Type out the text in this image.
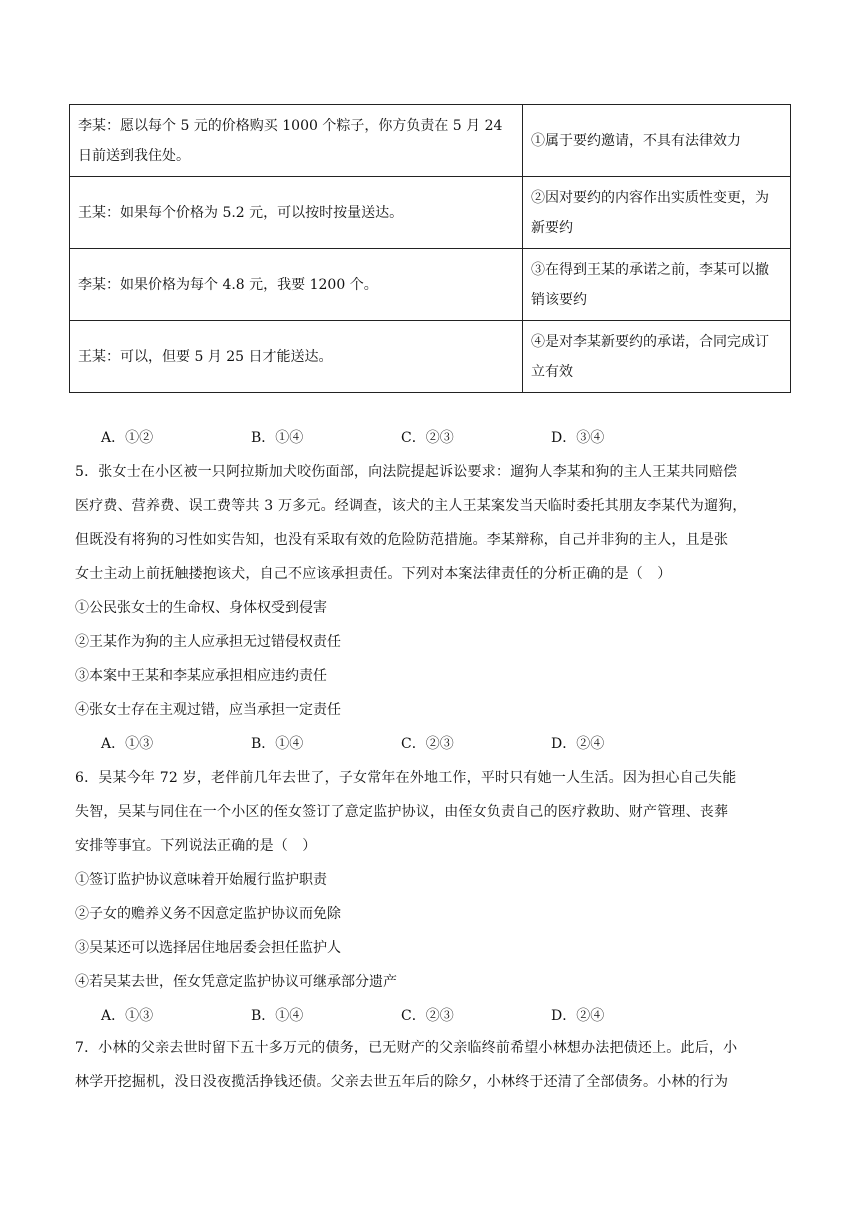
李某：愿以每个 5 元的价格购买 1000 个粽子，你方负责在 5 月 24 日前送到我住处。	①属于要约邀请，不具有法律效力
王某：如果每个价格为 5.2 元，可以按时按量送达。	②因对要约的内容作出实质性变更，为新要约
李某：如果价格为每个 4.8 元，我要 1200 个。	③在得到王某的承诺之前，李某可以撤销该要约
王某：可以，但要 5 月 25 日才能送达。	④是对李某新要约的承诺，合同完成订立有效
A．①②	B．①④	C．②③	D．③④
5．张女士在小区被一只阿拉斯加犬咬伤面部，向法院提起诉讼要求：遛狗人李某和狗的主人王某共同赔偿
医疗费、营养费、误工费等共 3 万多元。经调查，该犬的主人王某案发当天临时委托其朋友李某代为遛狗，
但既没有将狗的习性如实告知，也没有采取有效的危险防范措施。李某辩称，自己并非狗的主人，且是张
女士主动上前抚触搂抱该犬，自己不应该承担责任。下列对本案法律责任的分析正确的是（　）
①公民张女士的生命权、身体权受到侵害
②王某作为狗的主人应承担无过错侵权责任
③本案中王某和李某应承担相应违约责任
④张女士存在主观过错，应当承担一定责任
A．①③	B．①④	C．②③	D．②④
6．吴某今年 72 岁，老伴前几年去世了，子女常年在外地工作，平时只有她一人生活。因为担心自己失能
失智，吴某与同住在一个小区的侄女签订了意定监护协议，由侄女负责自己的医疗救助、财产管理、丧葬
安排等事宜。下列说法正确的是（　）
①签订监护协议意味着开始履行监护职责
②子女的赡养义务不因意定监护协议而免除
③吴某还可以选择居住地居委会担任监护人
④若吴某去世，侄女凭意定监护协议可继承部分遗产
A．①③	B．①④	C．②③	D．②④
7．小林的父亲去世时留下五十多万元的债务，已无财产的父亲临终前希望小林想办法把债还上。此后，小
林学开挖掘机，没日没夜揽活挣钱还债。父亲去世五年后的除夕，小林终于还清了全部债务。小林的行为
